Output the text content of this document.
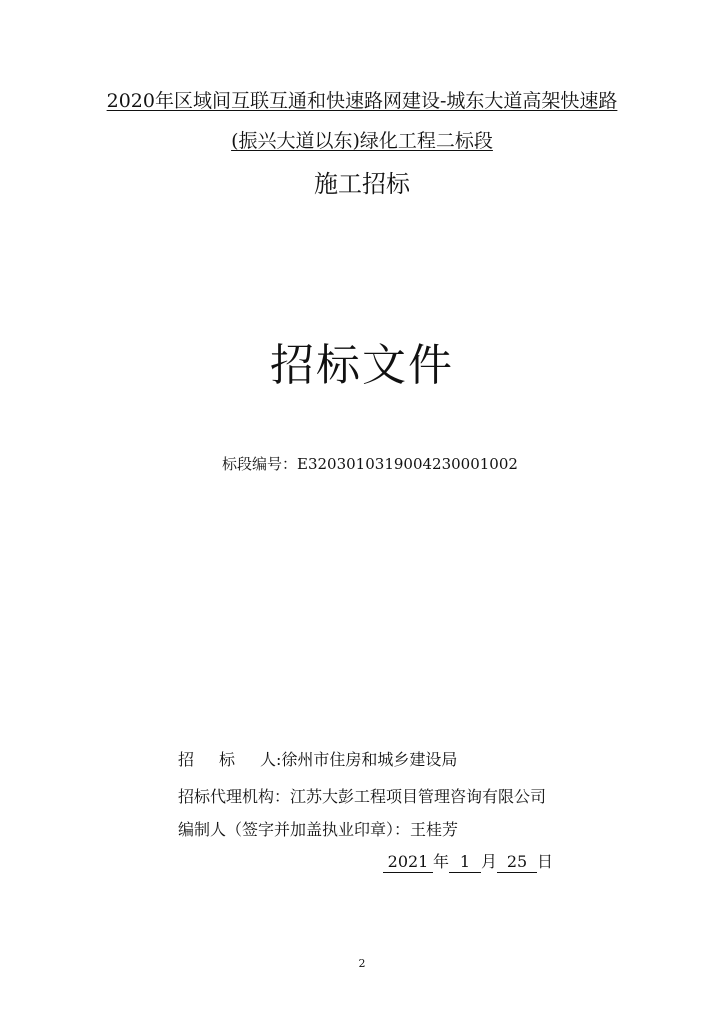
2020年区域间互联互通和快速路网建设-城东大道高架快速路
(振兴大道以东)绿化工程二标段
施工招标
招标文件
标段编号：E3203010319004230001002
招　标　人:徐州市住房和城乡建设局
招标代理机构：江苏大彭工程项目管理咨询有限公司
编制人（签字并加盖执业印章）：王桂芳
2021 年 1 月 25 日
2
